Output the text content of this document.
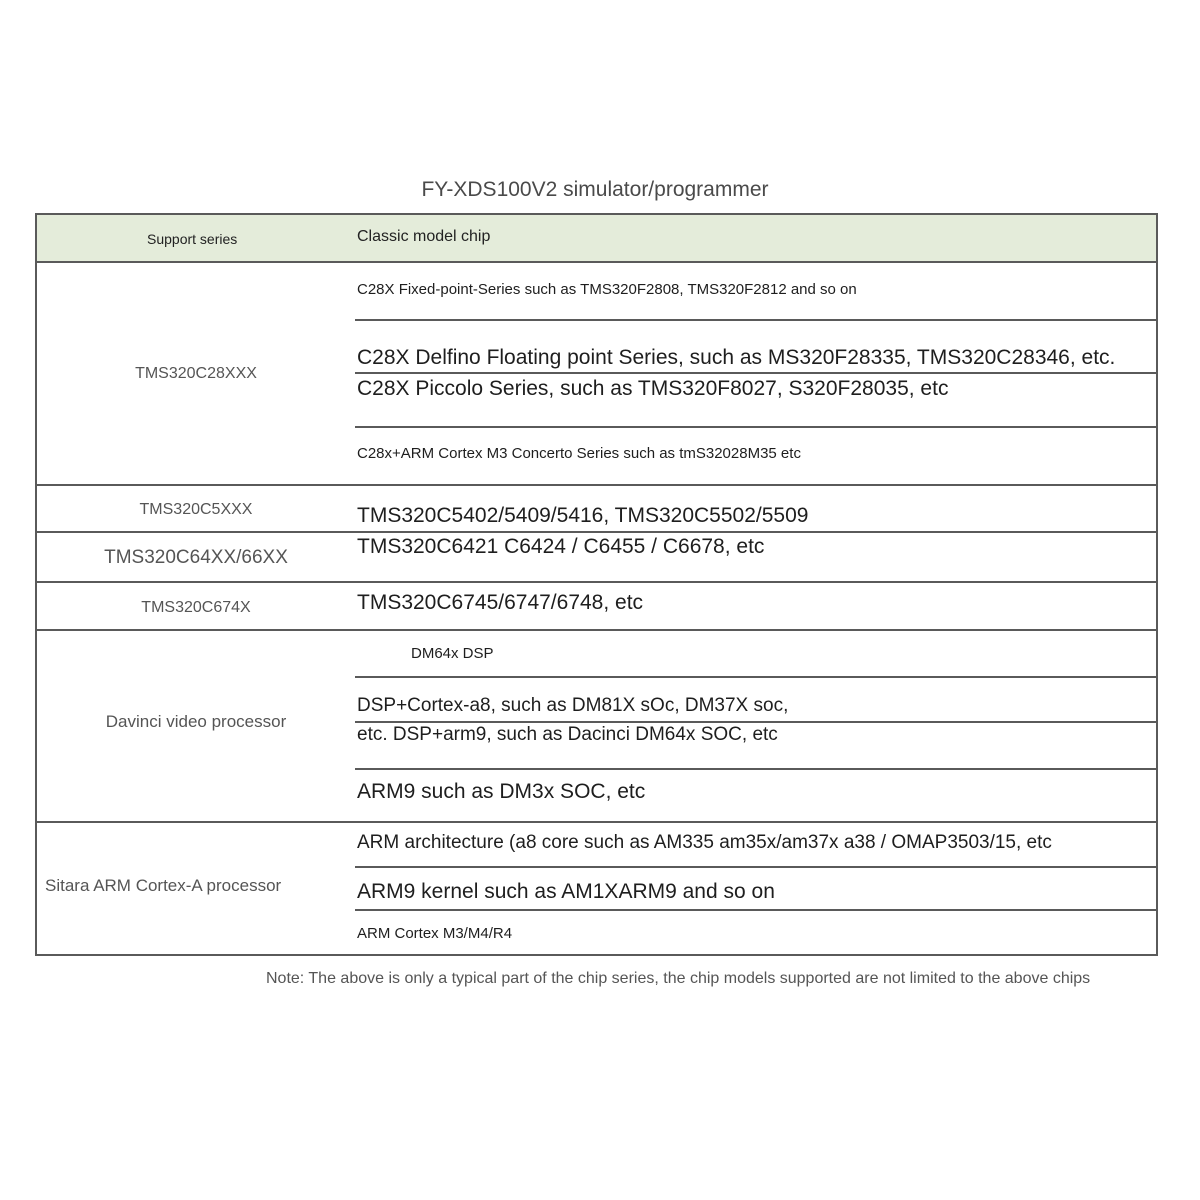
FY-XDS100V2 simulator/programmer
Support series	Classic model chip
TMS320C28XXX
TMS320C5XXX
TMS320C64XX/66XX
TMS320C674X
Davinci video processor
Sitara ARM Cortex-A processor
C28X Fixed-point-Series such as TMS320F2808, TMS320F2812 and so on
C28X Delfino Floating point Series, such as MS320F28335, TMS320C28346, etc.
C28X Piccolo Series, such as TMS320F8027, S320F28035, etc
C28x+ARM Cortex M3 Concerto Series such as tmS32028M35 etc
TMS320C5402/5409/5416, TMS320C5502/5509
TMS320C6421 C6424 / C6455 / C6678, etc
TMS320C6745/6747/6748, etc
DM64x DSP
DSP+Cortex-a8, such as DM81X sOc, DM37X soc,
etc. DSP+arm9, such as Dacinci DM64x SOC, etc
ARM9 such as DM3x SOC, etc
ARM architecture (a8 core such as AM335 am35x/am37x a38 / OMAP3503/15, etc
ARM9 kernel such as AM1XARM9 and so on
ARM Cortex M3/M4/R4
Note: The above is only a typical part of the chip series, the chip models supported are not limited to the above chips
